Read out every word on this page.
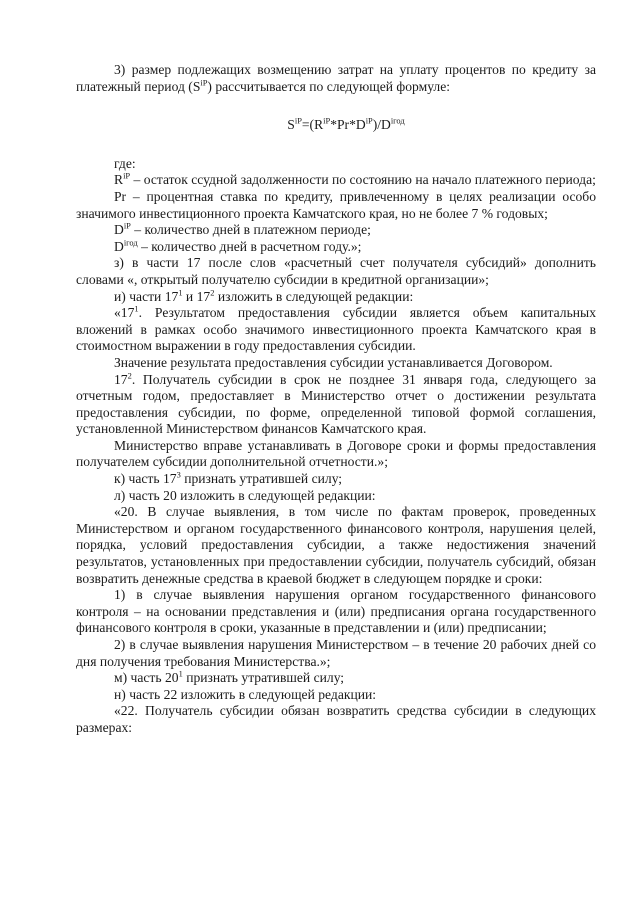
3) размер подлежащих возмещению затрат на уплату процентов по кредиту за платежный период $(S^{iP})$ рассчитывается по следующей формуле:

$S^{iP}=(R^{iP}*Pr*D^{iP})/D^{iгод}$

где:

$R^{iP}$ – остаток ссудной задолженности по состоянию на начало платежного периода;

Pr – процентная ставка по кредиту, привлеченному в целях реализации особо значимого инвестиционного проекта Камчатского края, но не более 7 % годовых;

$D^{iP}$ – количество дней в платежном периоде;

$D^{iгод}$ – количество дней в расчетном году.»;

з) в части 17 после слов «расчетный счет получателя субсидий» дополнить словами «, открытый получателю субсидии в кредитной организации»;

и) части $17^1$ и $17^2$ изложить в следующей редакции:

«$17^1$. Результатом предоставления субсидии является объем капитальных вложений в рамках особо значимого инвестиционного проекта Камчатского края в стоимостном выражении в году предоставления субсидии.

Значение результата предоставления субсидии устанавливается Договором.

$17^2$. Получатель субсидии в срок не позднее 31 января года, следующего за отчетным годом, предоставляет в Министерство отчет о достижении результата предоставления субсидии, по форме, определенной типовой формой соглашения, установленной Министерством финансов Камчатского края.

Министерство вправе устанавливать в Договоре сроки и формы предоставления получателем субсидии дополнительной отчетности.»;

к) часть $17^3$ признать утратившей силу;

л) часть 20 изложить в следующей редакции:

«20. В случае выявления, в том числе по фактам проверок, проведенных Министерством и органом государственного финансового контроля, нарушения целей, порядка, условий предоставления субсидии, а также недостижения значений результатов, установленных при предоставлении субсидии, получатель субсидий, обязан возвратить денежные средства в краевой бюджет в следующем порядке и сроки:

1) в случае выявления нарушения органом государственного финансового контроля – на основании представления и (или) предписания органа государственного финансового контроля в сроки, указанные в представлении и (или) предписании;

2) в случае выявления нарушения Министерством – в течение 20 рабочих дней со дня получения требования Министерства.»;

м) часть $20^1$ признать утратившей силу;

н) часть 22 изложить в следующей редакции:

«22. Получатель субсидии обязан возвратить средства субсидии в следующих размерах:
